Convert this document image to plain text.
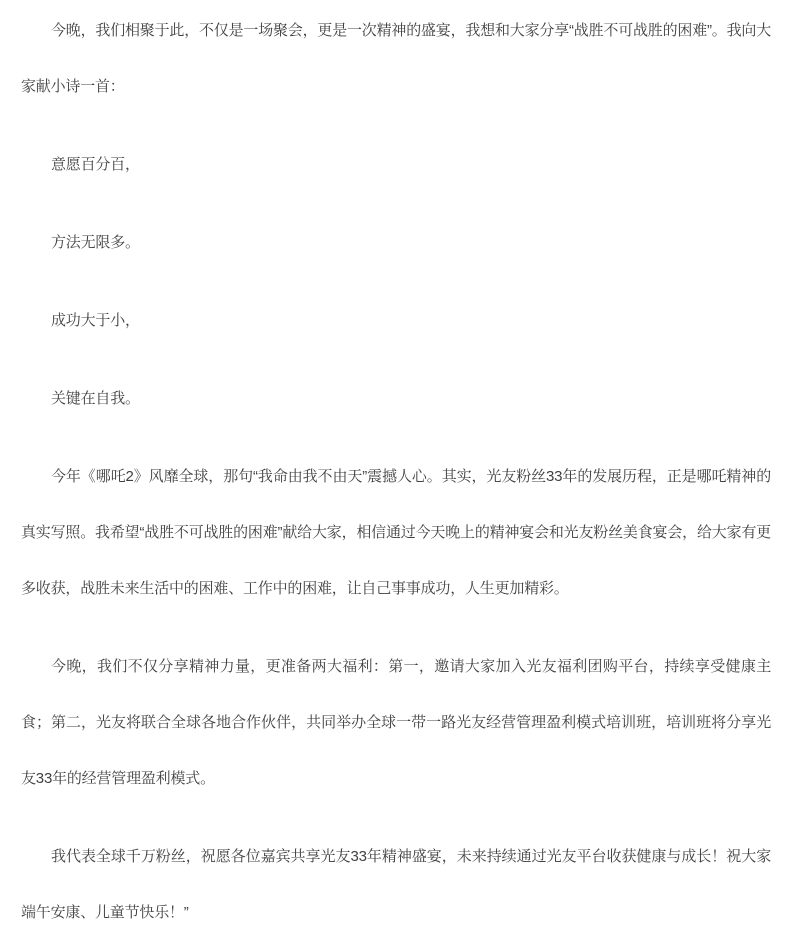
今晚，我们相聚于此，不仅是一场聚会，更是一次精神的盛宴，我想和大家分享“战胜不可战胜的困难”。我向大家献小诗一首：

意愿百分百，

方法无限多。

成功大于小，

关键在自我。

今年《哪吒2》风靡全球，那句“我命由我不由天”震撼人心。其实，光友粉丝33年的发展历程，正是哪吒精神的真实写照。我希望“战胜不可战胜的困难”献给大家，相信通过今天晚上的精神宴会和光友粉丝美食宴会，给大家有更多收获，战胜未来生活中的困难、工作中的困难，让自己事事成功，人生更加精彩。

今晚，我们不仅分享精神力量，更准备两大福利：第一，邀请大家加入光友福利团购平台，持续享受健康主食；第二，光友将联合全球各地合作伙伴，共同举办全球一带一路光友经营管理盈利模式培训班，培训班将分享光友33年的经营管理盈利模式。

我代表全球千万粉丝，祝愿各位嘉宾共享光友33年精神盛宴，未来持续通过光友平台收获健康与成长！祝大家端午安康、儿童节快乐！”
